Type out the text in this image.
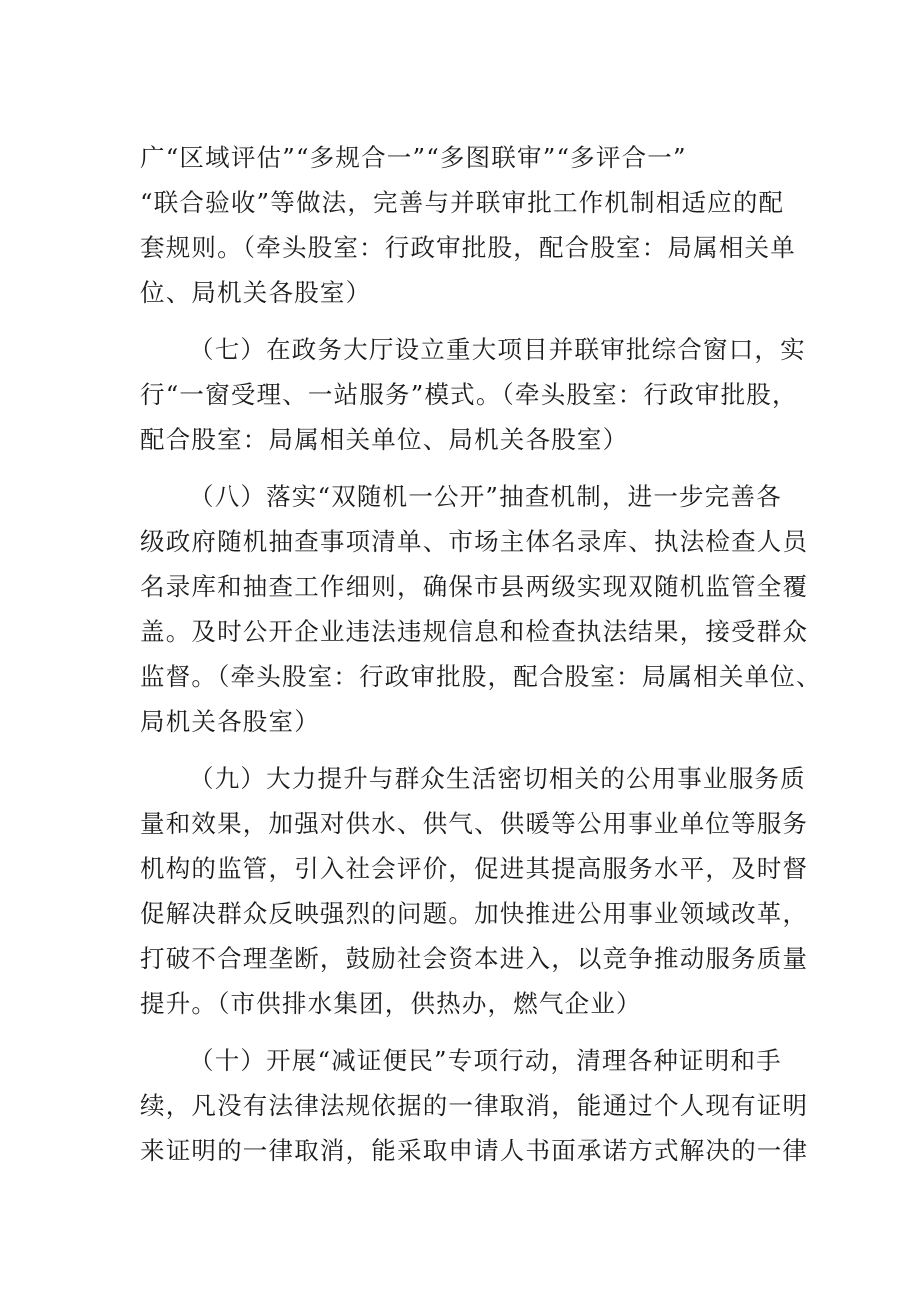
广“区域评估”“多规合一”“多图联审”“多评合一”
“联合验收”等做法，完善与并联审批工作机制相适应的配
套规则。（牵头股室：行政审批股，配合股室：局属相关单
位、局机关各股室）

（七）在政务大厅设立重大项目并联审批综合窗口，实
行“一窗受理、一站服务”模式。（牵头股室：行政审批股，
配合股室：局属相关单位、局机关各股室）

（八）落实“双随机一公开”抽查机制，进一步完善各
级政府随机抽查事项清单、市场主体名录库、执法检查人员
名录库和抽查工作细则，确保市县两级实现双随机监管全覆
盖。及时公开企业违法违规信息和检查执法结果，接受群众
监督。（牵头股室：行政审批股，配合股室：局属相关单位、
局机关各股室）

（九）大力提升与群众生活密切相关的公用事业服务质
量和效果，加强对供水、供气、供暖等公用事业单位等服务
机构的监管，引入社会评价，促进其提高服务水平，及时督
促解决群众反映强烈的问题。加快推进公用事业领域改革，
打破不合理垄断，鼓励社会资本进入，以竞争推动服务质量
提升。（市供排水集团，供热办，燃气企业）

（十）开展“减证便民”专项行动，清理各种证明和手
续，凡没有法律法规依据的一律取消，能通过个人现有证明
来证明的一律取消，能采取申请人书面承诺方式解决的一律
